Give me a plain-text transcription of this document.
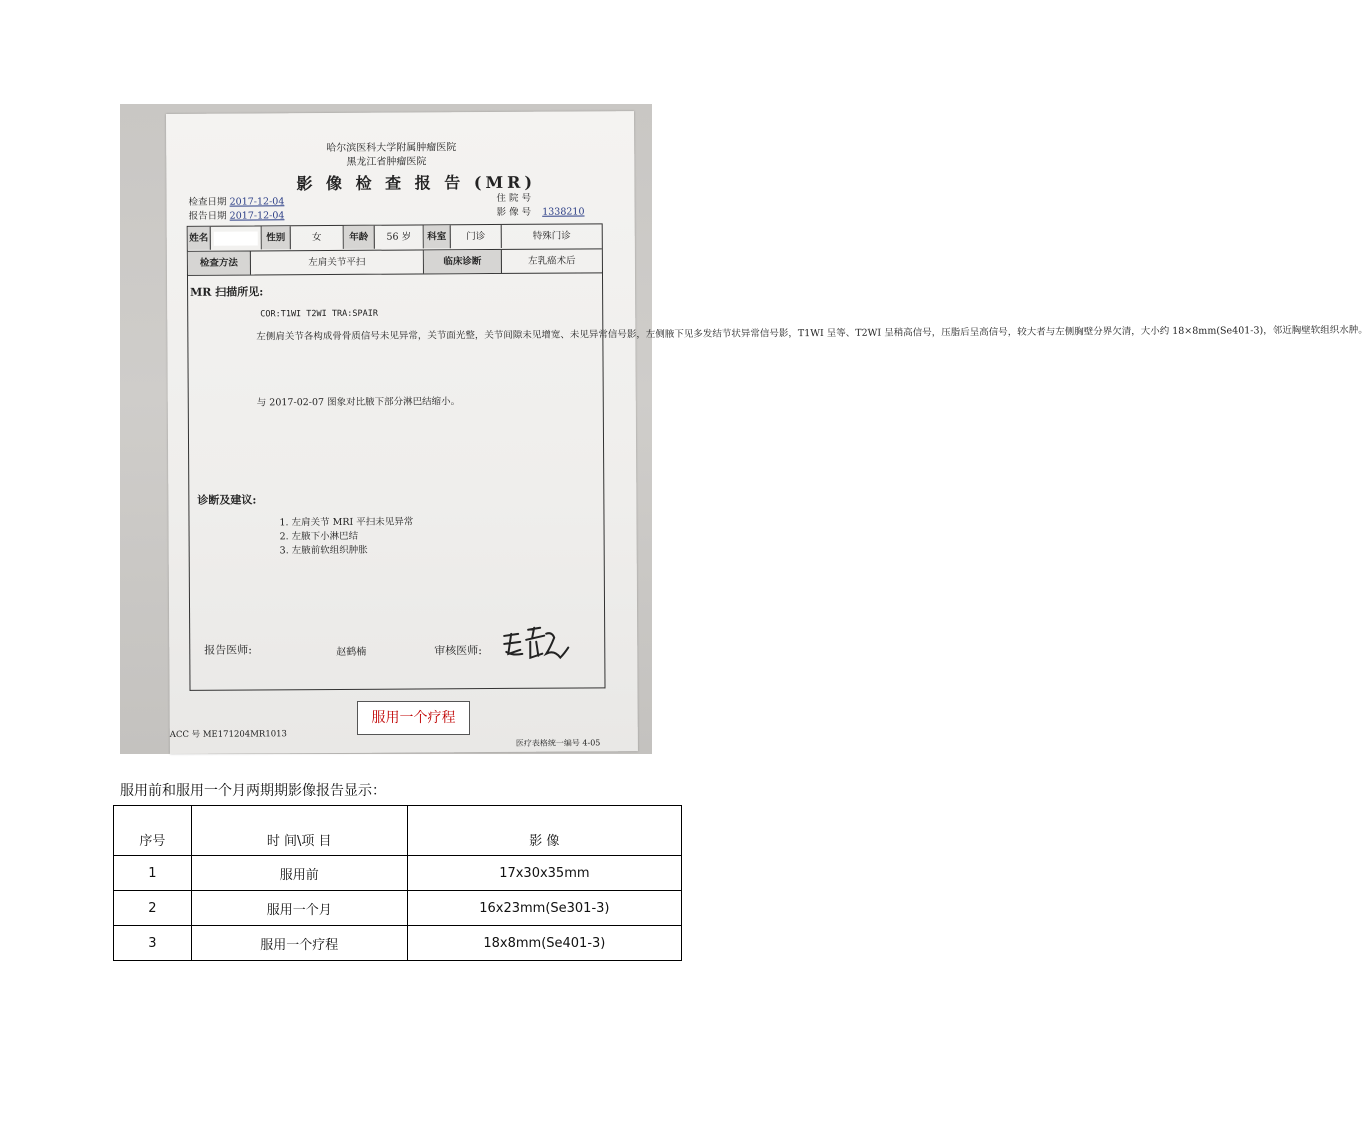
哈尔滨医科大学附属肿瘤医院
黑龙江省肿瘤医院
影 像 检 查 报 告 (MR)
检查日期 2017-12-04
报告日期 2017-12-04
住 院 号
影 像 号 1338210
姓名	性别	女	年龄	56 岁	科室	门诊	特殊门诊
检查方法	左肩关节平扫	临床诊断	左乳癌术后
MR 扫描所见:
COR:T1WI T2WI TRA:SPAIR
左侧肩关节各构成骨骨质信号未见异常，关节面光整，关节间隙未见增宽、未见异常信号影，左侧腋下见多发结节状异常信号影，T1WI 呈等、T2WI 呈稍高信号，压脂后呈高信号，较大者与左侧胸壁分界欠清，大小约 18×8mm(Se401-3)，邻近胸壁软组织水肿。
与 2017-02-07 图象对比腋下部分淋巴结缩小。
诊断及建议:
1. 左肩关节 MRI 平扫未见异常
2. 左腋下小淋巴结
3. 左腋前软组织肿胀
报告医师:	赵鹤楠	审核医师:
ACC 号 ME171204MR1013
医疗表格统一编号 4-05
服用一个疗程
服用前和服用一个月两期期影像报告显示：
序号	时 间\项 目	影 像
1	服用前	17x30x35mm
2	服用一个月	16x23mm(Se301-3)
3	服用一个疗程	18x8mm(Se401-3)
